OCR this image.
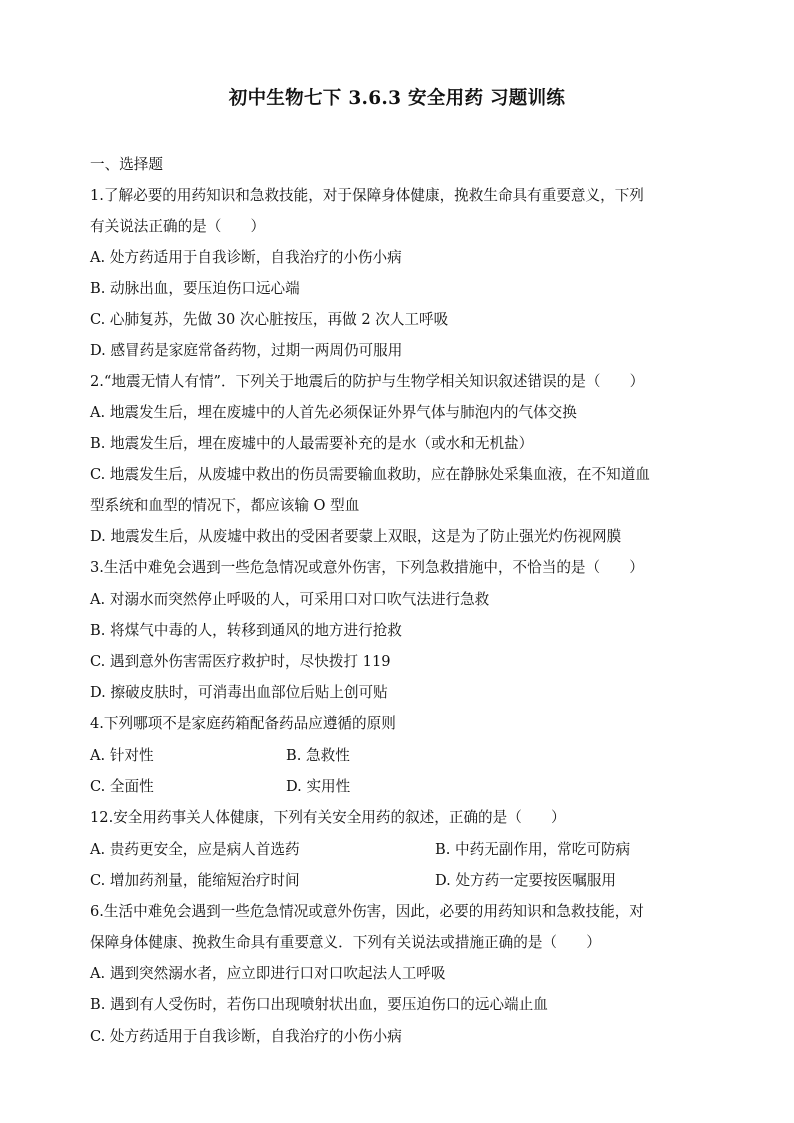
初中生物七下 3.6.3 安全用药 习题训练
一、选择题
1.了解必要的用药知识和急救技能，对于保障身体健康，挽救生命具有重要意义，下列
有关说法正确的是（　　）
A. 处方药适用于自我诊断，自我治疗的小伤小病
B. 动脉出血，要压迫伤口远心端
C. 心肺复苏，先做 30 次心脏按压，再做 2 次人工呼吸
D. 感冒药是家庭常备药物，过期一两周仍可服用
2.“地震无情人有情”．下列关于地震后的防护与生物学相关知识叙述错误的是（　　）
A. 地震发生后，埋在废墟中的人首先必须保证外界气体与肺泡内的气体交换
B. 地震发生后，埋在废墟中的人最需要补充的是水（或水和无机盐）
C. 地震发生后，从废墟中救出的伤员需要输血救助，应在静脉处采集血液，在不知道血
型系统和血型的情况下，都应该输 O 型血
D. 地震发生后，从废墟中救出的受困者要蒙上双眼，这是为了防止强光灼伤视网膜
3.生活中难免会遇到一些危急情况或意外伤害，下列急救措施中，不恰当的是（　　）
A. 对溺水而突然停止呼吸的人，可采用口对口吹气法进行急救
B. 将煤气中毒的人，转移到通风的地方进行抢救
C. 遇到意外伤害需医疗救护时，尽快拨打 119
D. 擦破皮肤时，可消毒出血部位后贴上创可贴
4.下列哪项不是家庭药箱配备药品应遵循的原则
A. 针对性	B. 急救性
C. 全面性	D. 实用性
12.安全用药事关人体健康，下列有关安全用药的叙述，正确的是（　　）
A. 贵药更安全，应是病人首选药	B. 中药无副作用，常吃可防病
C. 增加药剂量，能缩短治疗时间	D. 处方药一定要按医嘱服用
6.生活中难免会遇到一些危急情况或意外伤害，因此，必要的用药知识和急救技能，对
保障身体健康、挽救生命具有重要意义．下列有关说法或措施正确的是（　　）
A. 遇到突然溺水者，应立即进行口对口吹起法人工呼吸
B. 遇到有人受伤时，若伤口出现喷射状出血，要压迫伤口的远心端止血
C. 处方药适用于自我诊断，自我治疗的小伤小病
